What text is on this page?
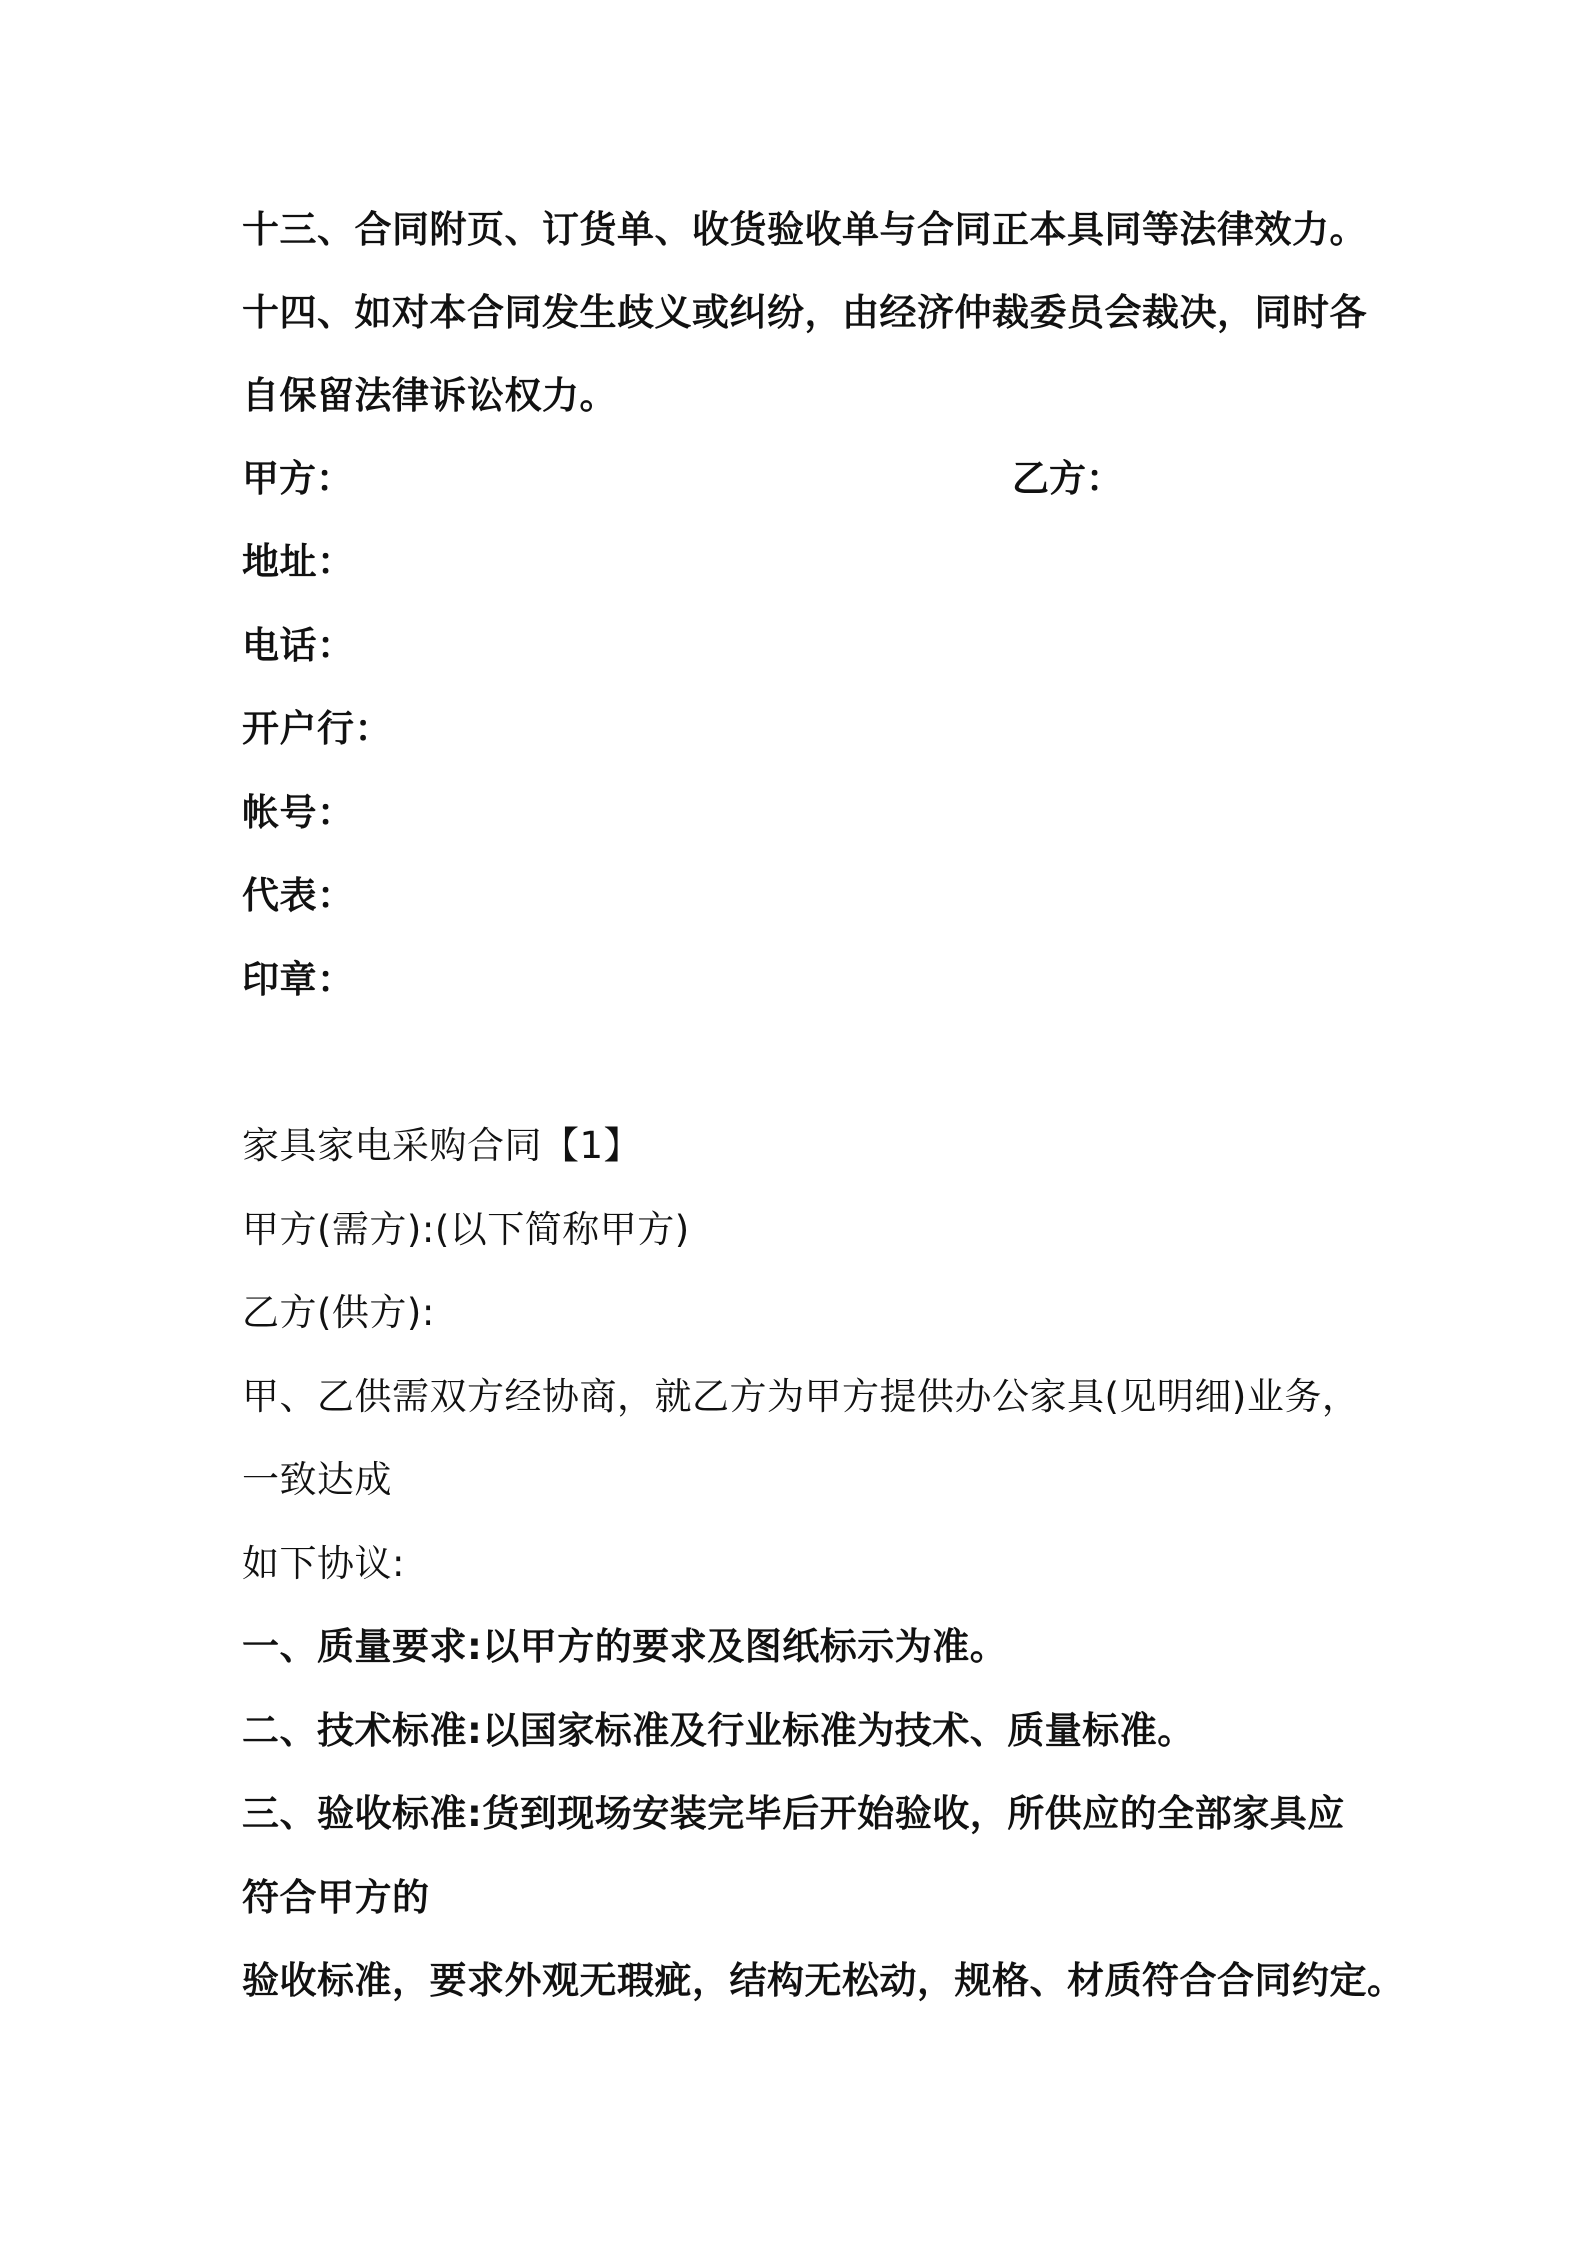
十三、合同附页、订货单、收货验收单与合同正本具同等法律效力。
十四、如对本合同发生歧义或纠纷，由经济仲裁委员会裁决，同时各
自保留法律诉讼权力。
甲方：	乙方：
地址：
电话：
开户行：
帐号：
代表：
印章：
家具家电采购合同【1】
甲方(需方):(以下简称甲方)
乙方(供方):
甲、乙供需双方经协商，就乙方为甲方提供办公家具(见明细)业务，
一致达成
如下协议:
一、质量要求:以甲方的要求及图纸标示为准。
二、技术标准:以国家标准及行业标准为技术、质量标准。
三、验收标准:货到现场安装完毕后开始验收，所供应的全部家具应
符合甲方的
验收标准，要求外观无瑕疵，结构无松动，规格、材质符合合同约定。
